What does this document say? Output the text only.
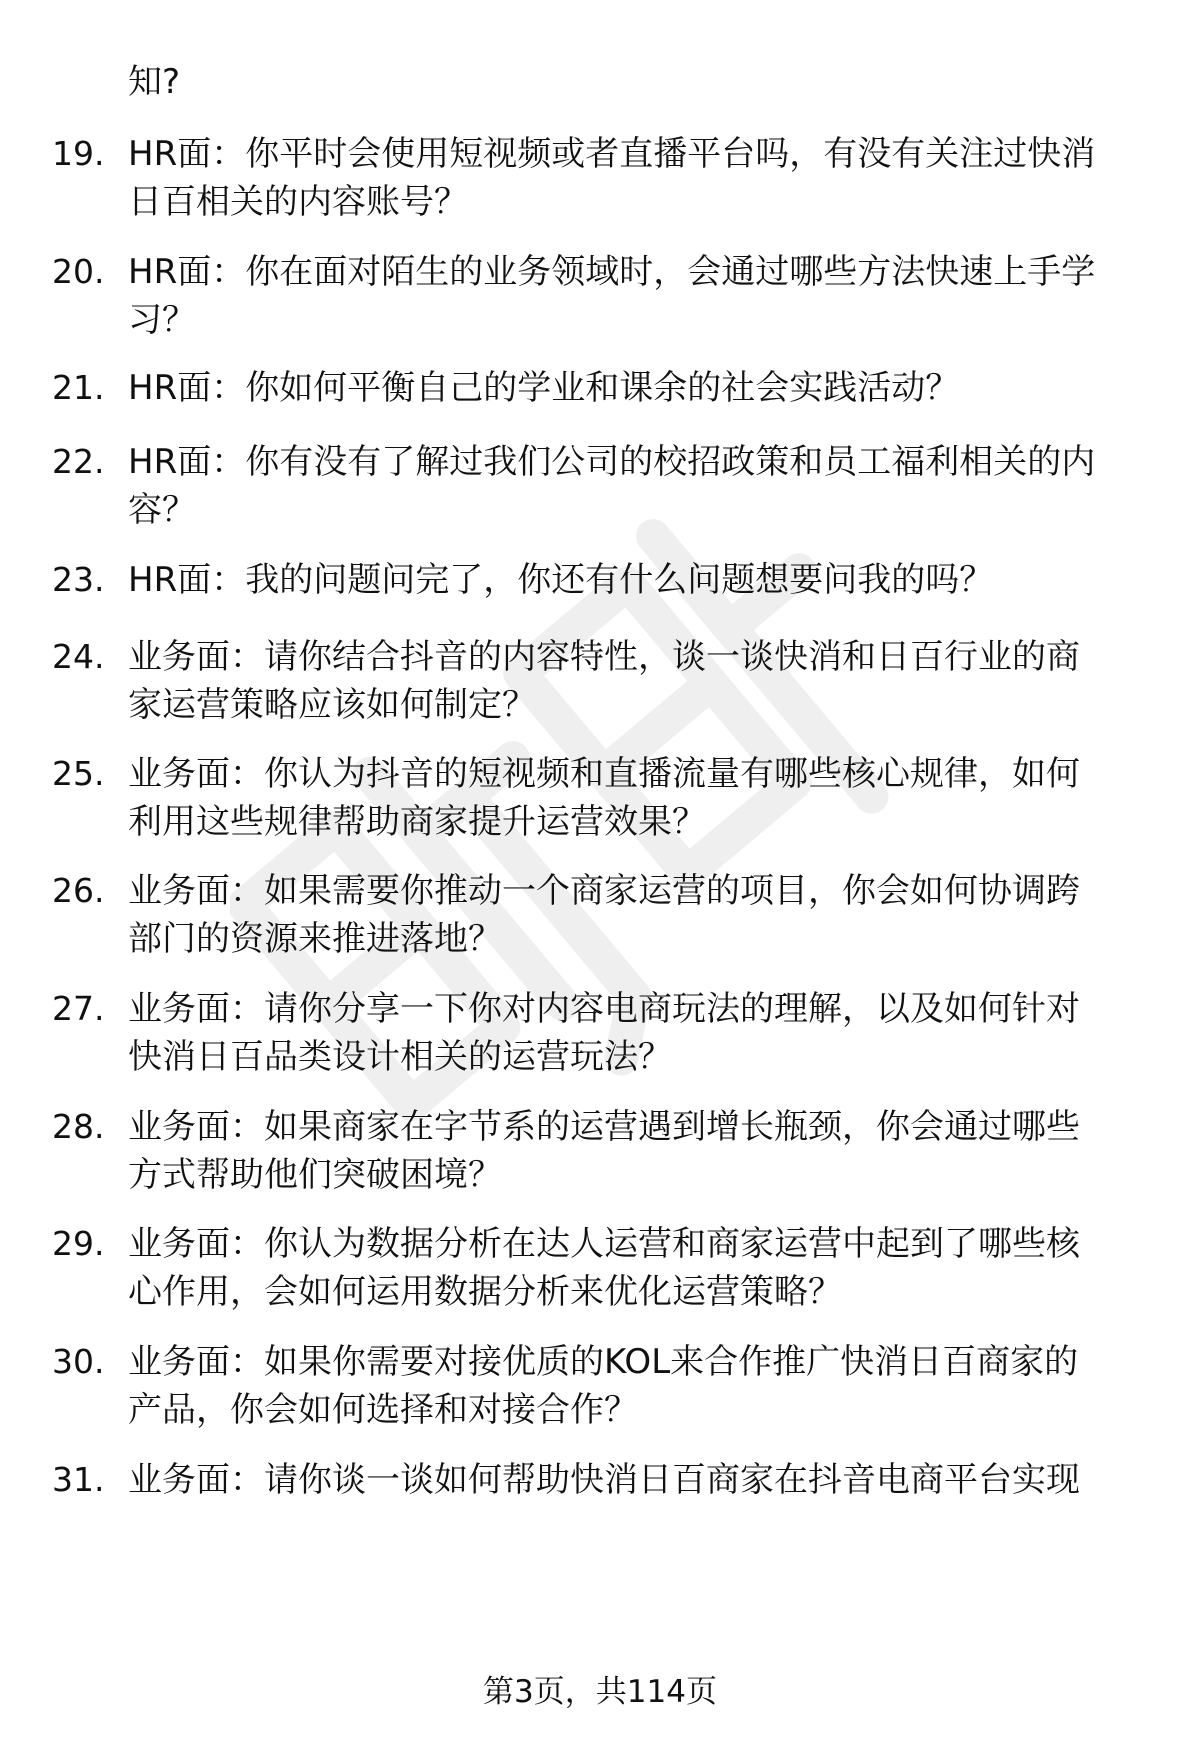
知?
19. HR面：你平时会使用短视频或者直播平台吗，有没有关注过快消
日百相关的内容账号？
20. HR面：你在面对陌生的业务领域时，会通过哪些方法快速上手学
习？
21. HR面：你如何平衡自己的学业和课余的社会实践活动？
22. HR面：你有没有了解过我们公司的校招政策和员工福利相关的内
容？
23. HR面：我的问题问完了，你还有什么问题想要问我的吗？
24. 业务面：请你结合抖音的内容特性，谈一谈快消和日百行业的商
家运营策略应该如何制定？
25. 业务面：你认为抖音的短视频和直播流量有哪些核心规律，如何
利用这些规律帮助商家提升运营效果？
26. 业务面：如果需要你推动一个商家运营的项目，你会如何协调跨
部门的资源来推进落地？
27. 业务面：请你分享一下你对内容电商玩法的理解，以及如何针对
快消日百品类设计相关的运营玩法？
28. 业务面：如果商家在字节系的运营遇到增长瓶颈，你会通过哪些
方式帮助他们突破困境？
29. 业务面：你认为数据分析在达人运营和商家运营中起到了哪些核
心作用，会如何运用数据分析来优化运营策略？
30. 业务面：如果你需要对接优质的KOL来合作推广快消日百商家的
产品，你会如何选择和对接合作？
31. 业务面：请你谈一谈如何帮助快消日百商家在抖音电商平台实现
第3页，共114页
